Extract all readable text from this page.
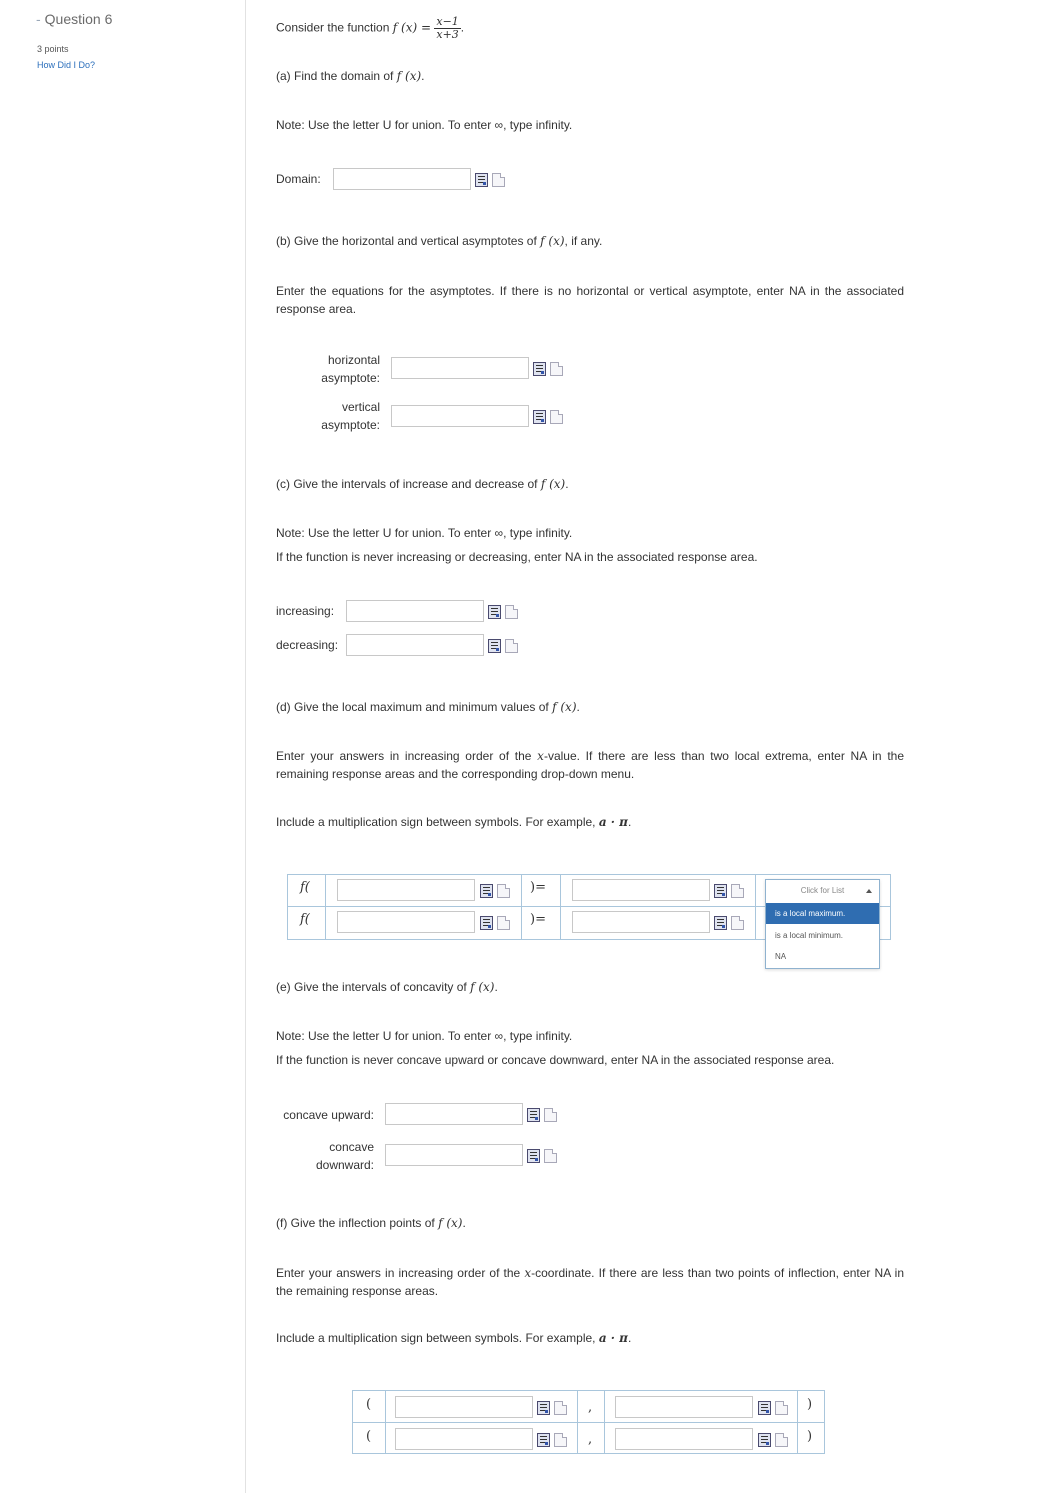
- Question 6
3 points
How Did I Do?
Consider the function f $(x) = \frac{x-1}{x+3}$ .
(a) Find the domain of f (x).
Note: Use the letter U for union. To enter ∞, type infinity.
Domain:
(b) Give the horizontal and vertical asymptotes of f (x), if any.
Enter the equations for the asymptotes. If there is no horizontal or vertical asymptote, enter NA in the associated response area.
horizontal
asymptote:
vertical
asymptote:
(c) Give the intervals of increase and decrease of f (x).
Note: Use the letter U for union. To enter ∞, type infinity.
If the function is never increasing or decreasing, enter NA in the associated response area.
increasing:
decreasing:
(d) Give the local maximum and minimum values of f (x).
Enter your answers in increasing order of the x-value. If there are less than two local extrema, enter NA in the remaining response areas and the corresponding drop-down menu.
Include a multiplication sign between symbols. For example, a · π.
f(	)=
f(	)=
Click for List
is a local maximum.
is a local minimum.
NA
(e) Give the intervals of concavity of f (x).
Note: Use the letter U for union. To enter ∞, type infinity.
If the function is never concave upward or concave downward, enter NA in the associated response area.
concave upward:
concave
downward:
(f) Give the inflection points of f (x).
Enter your answers in increasing order of the x-coordinate. If there are less than two points of inflection, enter NA in the remaining response areas.
Include a multiplication sign between symbols. For example, a · π.
(	,	)
(	,	)
